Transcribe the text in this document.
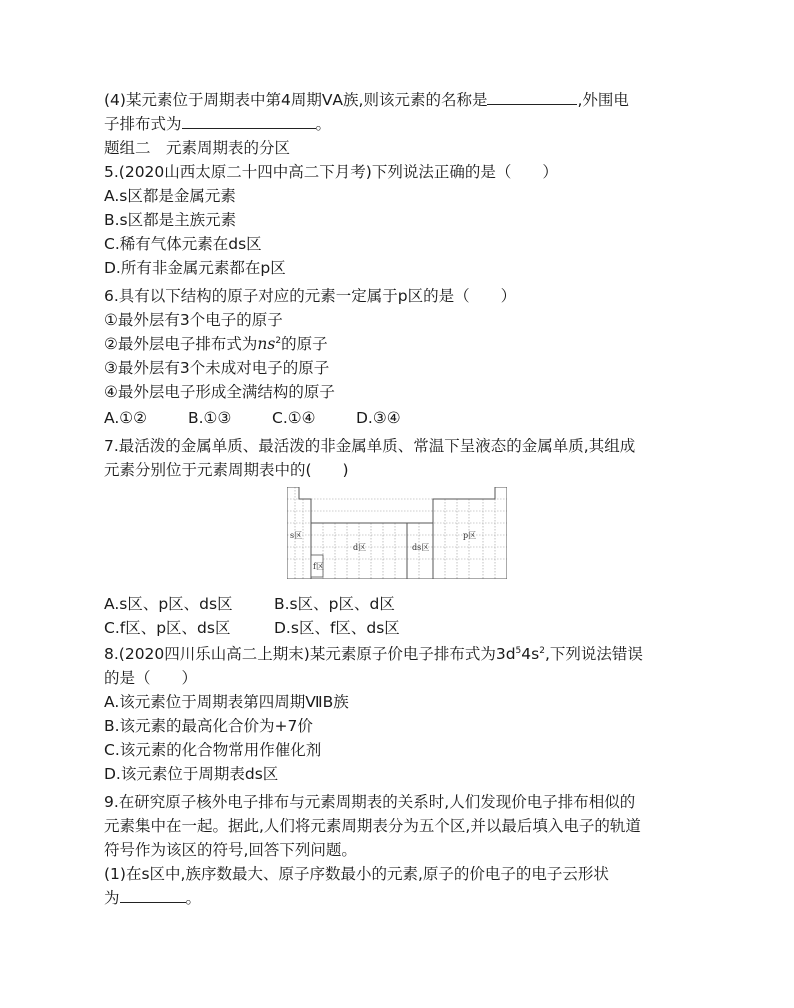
(4)某元素位于周期表中第4周期ⅤA族,则该元素的名称是	,外围电
子排布式为	。
题组二　元素周期表的分区
5.(2020山西太原二十四中高二下月考)下列说法正确的是（　　）
A.s区都是金属元素
B.s区都是主族元素
C.稀有气体元素在ds区
D.所有非金属元素都在p区
6.具有以下结构的原子对应的元素一定属于p区的是（　　）
①最外层有3个电子的原子
②最外层电子排布式为$ns^2$的原子
③最外层有3个未成对电子的原子
④最外层电子形成全满结构的原子
A.①②	B.①③	C.①④	D.③④
7.最活泼的金属单质、最活泼的非金属单质、常温下呈液态的金属单质,其组成
元素分别位于元素周期表中的(　　)
s区
d区	ds区
p区
f区
A.s区、p区、ds区	B.s区、p区、d区
C.f区、p区、ds区	D.s区、f区、ds区
8.(2020四川乐山高二上期末)某元素原子价电子排布式为$3d^54s^2$,下列说法错误
的是（　　）
A.该元素位于周期表第四周期ⅦB族
B.该元素的最高化合价为+7价
C.该元素的化合物常用作催化剂
D.该元素位于周期表ds区
9.在研究原子核外电子排布与元素周期表的关系时,人们发现价电子排布相似的
元素集中在一起。据此,人们将元素周期表分为五个区,并以最后填入电子的轨道
符号作为该区的符号,回答下列问题。
(1)在s区中,族序数最大、原子序数最小的元素,原子的价电子的电子云形状
为	。
